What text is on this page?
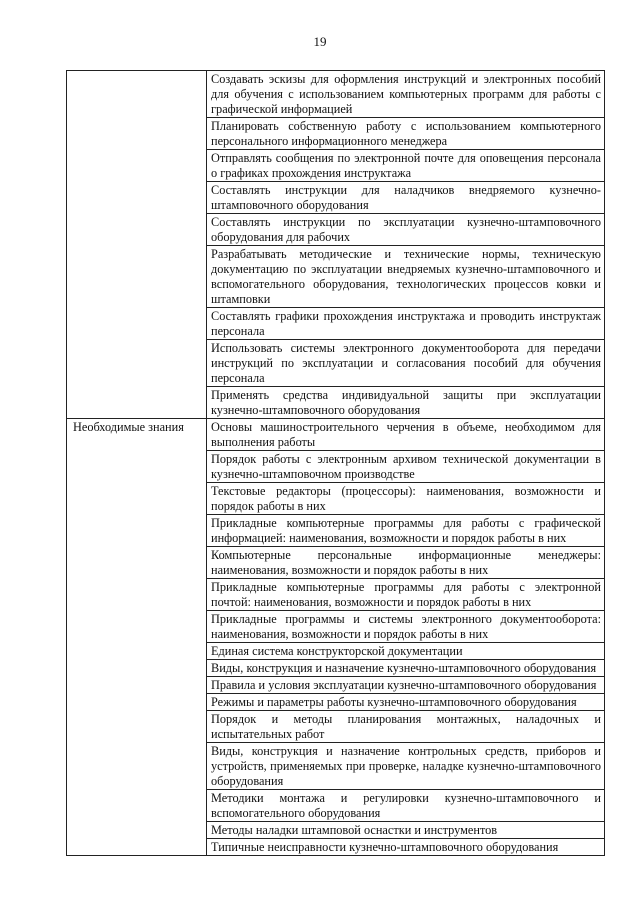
19
	Создавать эскизы для оформления инструкций и электронных пособий для обучения с использованием компьютерных программ для работы с графической информацией
	Планировать собственную работу с использованием компьютерного персонального информационного менеджера
	Отправлять сообщения по электронной почте для оповещения персонала о графиках прохождения инструктажа
	Составлять инструкции для наладчиков внедряемого кузнечно-штамповочного оборудования
	Составлять инструкции по эксплуатации кузнечно-штамповочного оборудования для рабочих
	Разрабатывать методические и технические нормы, техническую документацию по эксплуатации внедряемых кузнечно-штамповочного и вспомогательного оборудования, технологических процессов ковки и штамповки
	Составлять графики прохождения инструктажа и проводить инструктаж персонала
	Использовать системы электронного документооборота для передачи инструкций по эксплуатации и согласования пособий для обучения персонала
	Применять средства индивидуальной защиты при эксплуатации кузнечно-штамповочного оборудования

Необходимые знания	Основы машиностроительного черчения в объеме, необходимом для выполнения работы
	Порядок работы с электронным архивом технической документации в кузнечно-штамповочном производстве
	Текстовые редакторы (процессоры): наименования, возможности и порядок работы в них
	Прикладные компьютерные программы для работы с графической информацией: наименования, возможности и порядок работы в них
	Компьютерные персональные информационные менеджеры: наименования, возможности и порядок работы в них
	Прикладные компьютерные программы для работы с электронной почтой: наименования, возможности и порядок работы в них
	Прикладные программы и системы электронного документооборота: наименования, возможности и порядок работы в них
	Единая система конструкторской документации
	Виды, конструкция и назначение кузнечно-штамповочного оборудования
	Правила и условия эксплуатации кузнечно-штамповочного оборудования
	Режимы и параметры работы кузнечно-штамповочного оборудования
	Порядок и методы планирования монтажных, наладочных и испытательных работ
	Виды, конструкция и назначение контрольных средств, приборов и устройств, применяемых при проверке, наладке кузнечно-штамповочного оборудования
	Методики монтажа и регулировки кузнечно-штамповочного и вспомогательного оборудования
	Методы наладки штамповой оснастки и инструментов
	Типичные неисправности кузнечно-штамповочного оборудования
